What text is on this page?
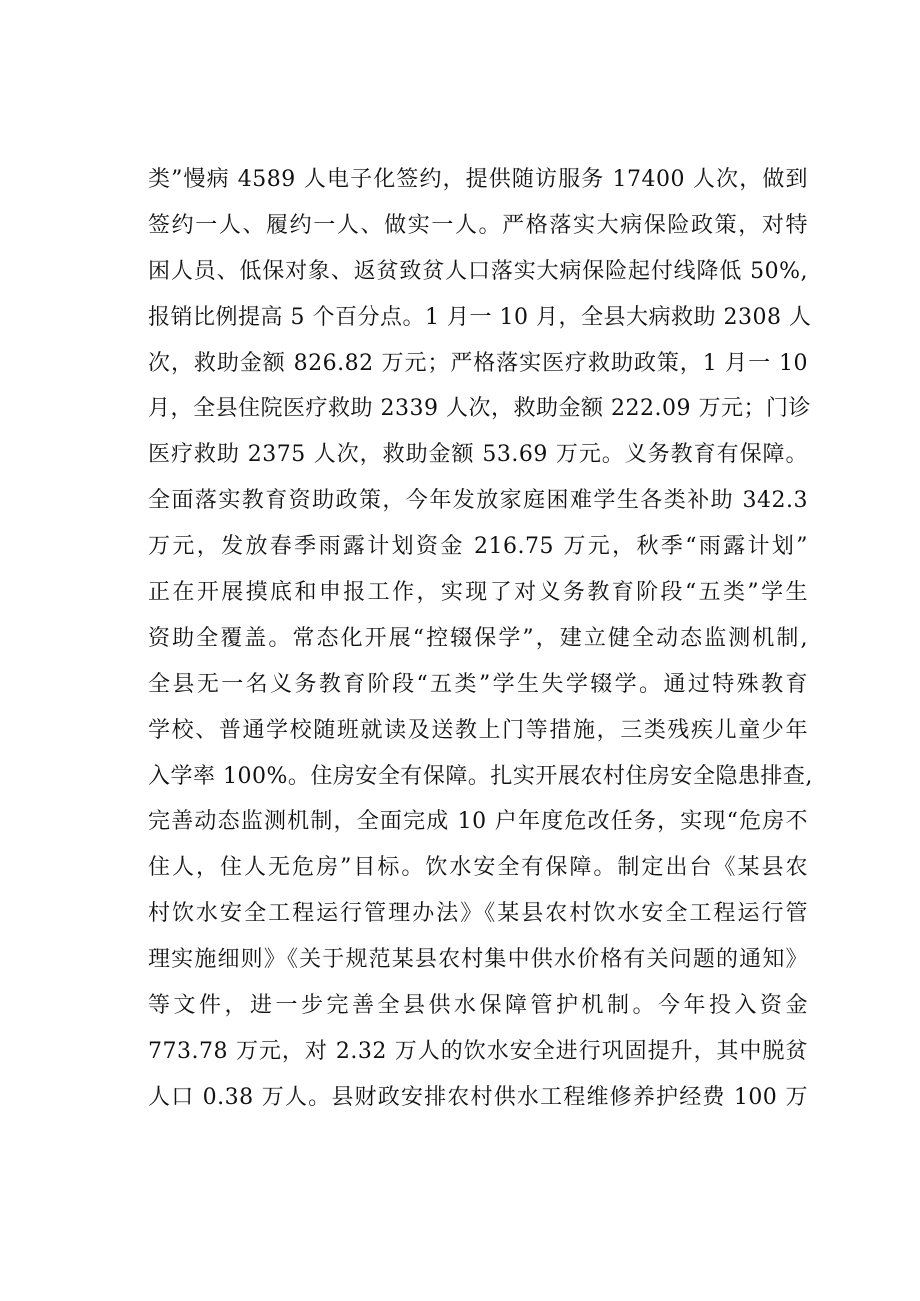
类”慢病 4589 人电子化签约，提供随访服务 17400 人次，做到
签约一人、履约一人、做实一人。严格落实大病保险政策，对特
困人员、低保对象、返贫致贫人口落实大病保险起付线降低 50%,
报销比例提高 5 个百分点。1 月一 10 月，全县大病救助 2308 人
次，救助金额 826.82 万元；严格落实医疗救助政策，1 月一 10
月，全县住院医疗救助 2339 人次，救助金额 222.09 万元；门诊
医疗救助 2375 人次，救助金额 53.69 万元。义务教育有保障。
全面落实教育资助政策，今年发放家庭困难学生各类补助 342.3
万元，发放春季雨露计划资金 216.75 万元，秋季“雨露计划”
正在开展摸底和申报工作，实现了对义务教育阶段“五类”学生
资助全覆盖。常态化开展“控辍保学”，建立健全动态监测机制,
全县无一名义务教育阶段“五类”学生失学辍学。通过特殊教育
学校、普通学校随班就读及送教上门等措施，三类残疾儿童少年
入学率 100%。住房安全有保障。扎实开展农村住房安全隐患排查,
完善动态监测机制，全面完成 10 户年度危改任务，实现“危房不
住人，住人无危房”目标。饮水安全有保障。制定出台《某县农
村饮水安全工程运行管理办法》《某县农村饮水安全工程运行管
理实施细则》《关于规范某县农村集中供水价格有关问题的通知》
等文件，进一步完善全县供水保障管护机制。今年投入资金
773.78 万元，对 2.32 万人的饮水安全进行巩固提升，其中脱贫
人口 0.38 万人。县财政安排农村供水工程维修养护经费 100 万
